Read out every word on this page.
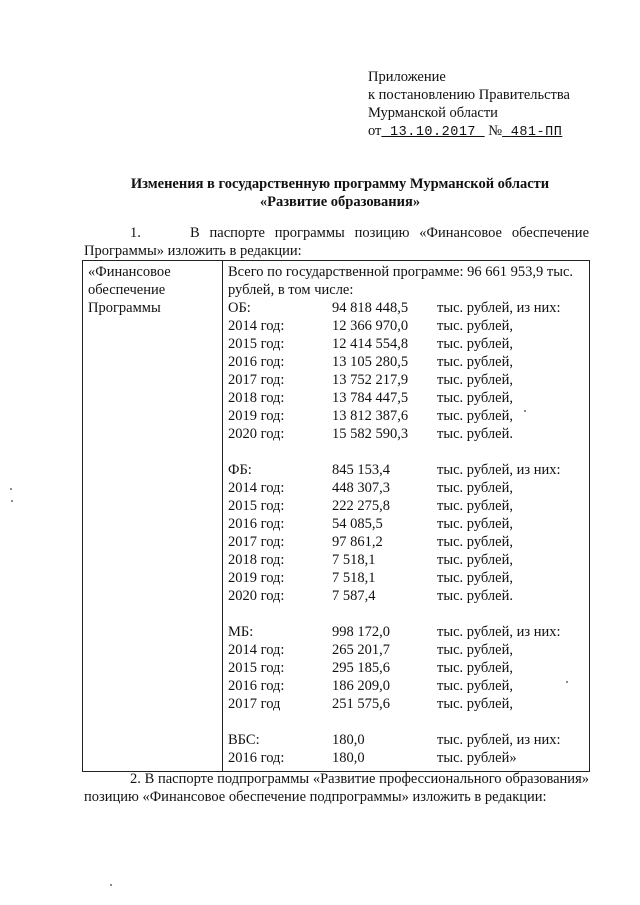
Приложение
к постановлению Правительства
Мурманской области
от 13.10.2017 № 481-ПП
Изменения в государственную программу Мурманской области
«Развитие образования»
1.	В паспорте программы позицию «Финансовое обеспечение Программы» изложить в редакции:
«Финансовое обеспечение Программы	
Всего по государственной программе: 96 661 953,9 тыс. рублей, в том числе:
ОБ:	94 818 448,5	тыс. рублей, из них:
2014 год:	12 366 970,0	тыс. рублей,
2015 год:	12 414 554,8	тыс. рублей,
2016 год:	13 105 280,5	тыс. рублей,
2017 год:	13 752 217,9	тыс. рублей,
2018 год:	13 784 447,5	тыс. рублей,
2019 год:	13 812 387,6	тыс. рублей,
2020 год:	15 582 590,3	тыс. рублей.
ФБ:	845 153,4	тыс. рублей, из них:
2014 год:	448 307,3	тыс. рублей,
2015 год:	222 275,8	тыс. рублей,
2016 год:	54 085,5	тыс. рублей,
2017 год:	97 861,2	тыс. рублей,
2018 год:	7 518,1	тыс. рублей,
2019 год:	7 518,1	тыс. рублей,
2020 год:	7 587,4	тыс. рублей.
МБ:	998 172,0	тыс. рублей, из них:
2014 год:	265 201,7	тыс. рублей,
2015 год:	295 185,6	тыс. рублей,
2016 год:	186 209,0	тыс. рублей,
2017 год	251 575,6	тыс. рублей,
ВБС:	180,0	тыс. рублей, из них:
2016 год:	180,0	тыс. рублей»
2. В паспорте подпрограммы «Развитие профессионального образования» позицию «Финансовое обеспечение подпрограммы» изложить в редакции:
